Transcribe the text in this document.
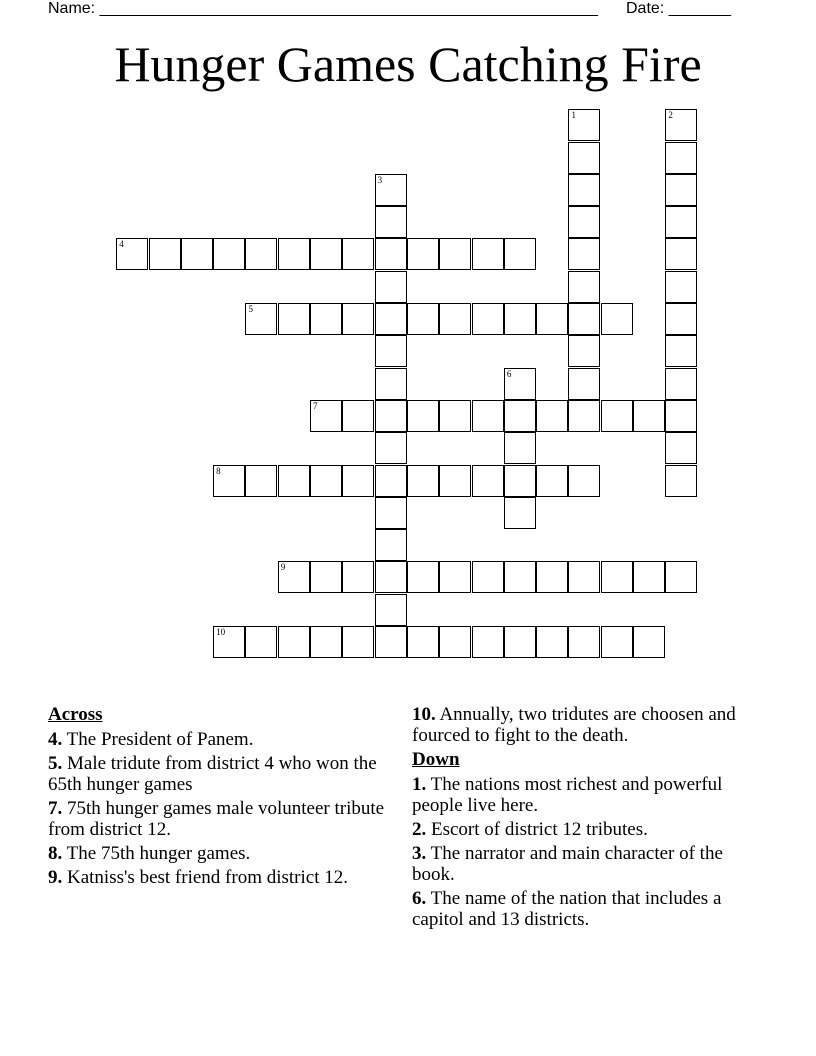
Name: ________________________________________________________ Date: _______
Hunger Games Catching Fire
1	2
3
4
5
6
7
8
9
10
Across
4. The President of Panem.
5. Male tridute from district 4 who won the 65th hunger games
7. 75th hunger games male volunteer tribute from district 12.
8. The 75th hunger games.
9. Katniss's best friend from district 12.
10. Annually, two tridutes are choosen and fourced to fight to the death.
Down
1. The nations most richest and powerful people live here.
2. Escort of district 12 tributes.
3. The narrator and main character of the book.
6. The name of the nation that includes a capitol and 13 districts.
